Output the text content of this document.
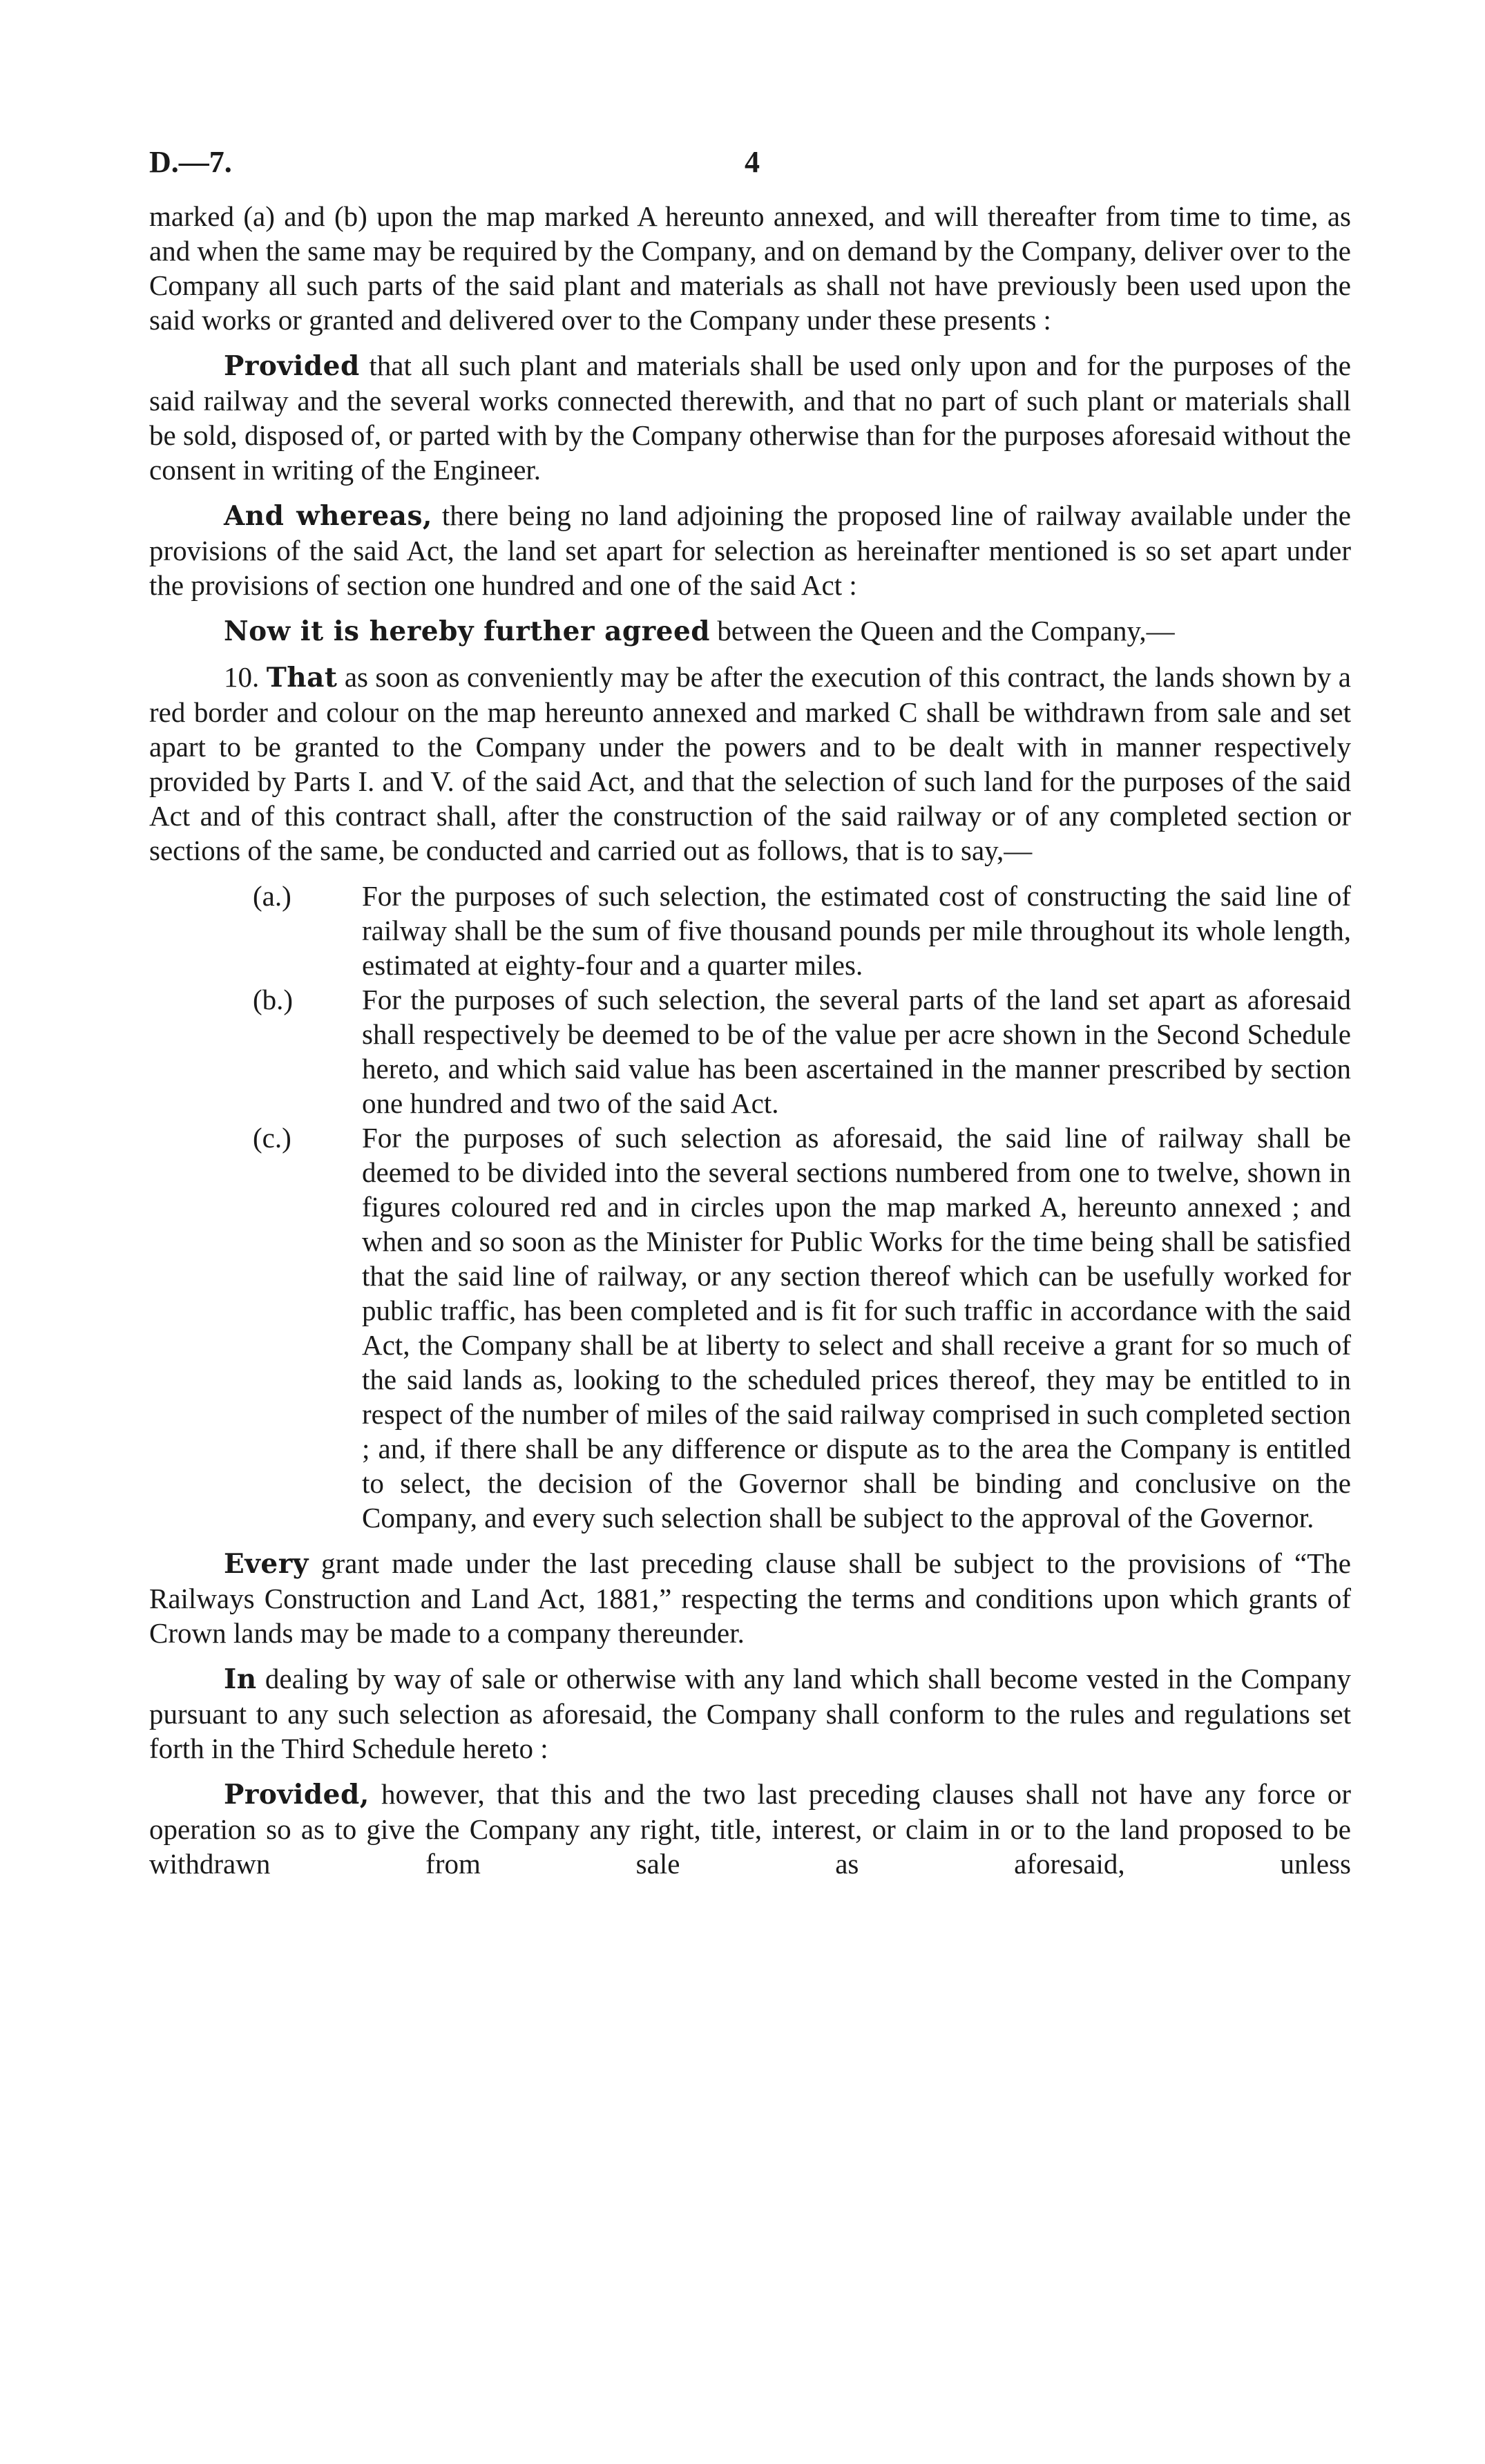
D.—7.	4

marked (a) and (b) upon the map marked A hereunto annexed, and will thereafter from time to time, as and when the same may be required by the Company, and on demand by the Company, deliver over to the Company all such parts of the said plant and materials as shall not have previously been used upon the said works or granted and delivered over to the Company under these presents :

Provided that all such plant and materials shall be used only upon and for the purposes of the said railway and the several works connected therewith, and that no part of such plant or materials shall be sold, disposed of, or parted with by the Company otherwise than for the purposes aforesaid without the consent in writing of the Engineer.

And whereas, there being no land adjoining the proposed line of railway available under the provisions of the said Act, the land set apart for selection as hereinafter mentioned is so set apart under the provisions of section one hundred and one of the said Act :

Now it is hereby further agreed between the Queen and the Company,—

10. That as soon as conveniently may be after the execution of this contract, the lands shown by a red border and colour on the map hereunto annexed and marked C shall be withdrawn from sale and set apart to be granted to the Company under the powers and to be dealt with in manner respectively provided by Parts I. and V. of the said Act, and that the selection of such land for the purposes of the said Act and of this contract shall, after the construction of the said railway or of any completed section or sections of the same, be conducted and carried out as follows, that is to say,—

(a.) For the purposes of such selection, the estimated cost of constructing the said line of railway shall be the sum of five thousand pounds per mile throughout its whole length, estimated at eighty-four and a quarter miles.
(b.) For the purposes of such selection, the several parts of the land set apart as aforesaid shall respectively be deemed to be of the value per acre shown in the Second Schedule hereto, and which said value has been ascertained in the manner prescribed by section one hundred and two of the said Act.
(c.) For the purposes of such selection as aforesaid, the said line of railway shall be deemed to be divided into the several sections numbered from one to twelve, shown in figures coloured red and in circles upon the map marked A, hereunto annexed ; and when and so soon as the Minister for Public Works for the time being shall be satisfied that the said line of railway, or any section thereof which can be usefully worked for public traffic, has been completed and is fit for such traffic in accordance with the said Act, the Company shall be at liberty to select and shall receive a grant for so much of the said lands as, looking to the scheduled prices thereof, they may be entitled to in respect of the number of miles of the said railway comprised in such completed section ; and, if there shall be any difference or dispute as to the area the Company is entitled to select, the decision of the Governor shall be binding and conclusive on the Company, and every such selection shall be subject to the approval of the Governor.

Every grant made under the last preceding clause shall be subject to the provisions of “The Railways Construction and Land Act, 1881,” respecting the terms and conditions upon which grants of Crown lands may be made to a company thereunder.

In dealing by way of sale or otherwise with any land which shall become vested in the Company pursuant to any such selection as aforesaid, the Company shall conform to the rules and regulations set forth in the Third Schedule hereto :

Provided, however, that this and the two last preceding clauses shall not have any force or operation so as to give the Company any right, title, interest, or claim in or to the land proposed to be withdrawn from sale as aforesaid, unless
